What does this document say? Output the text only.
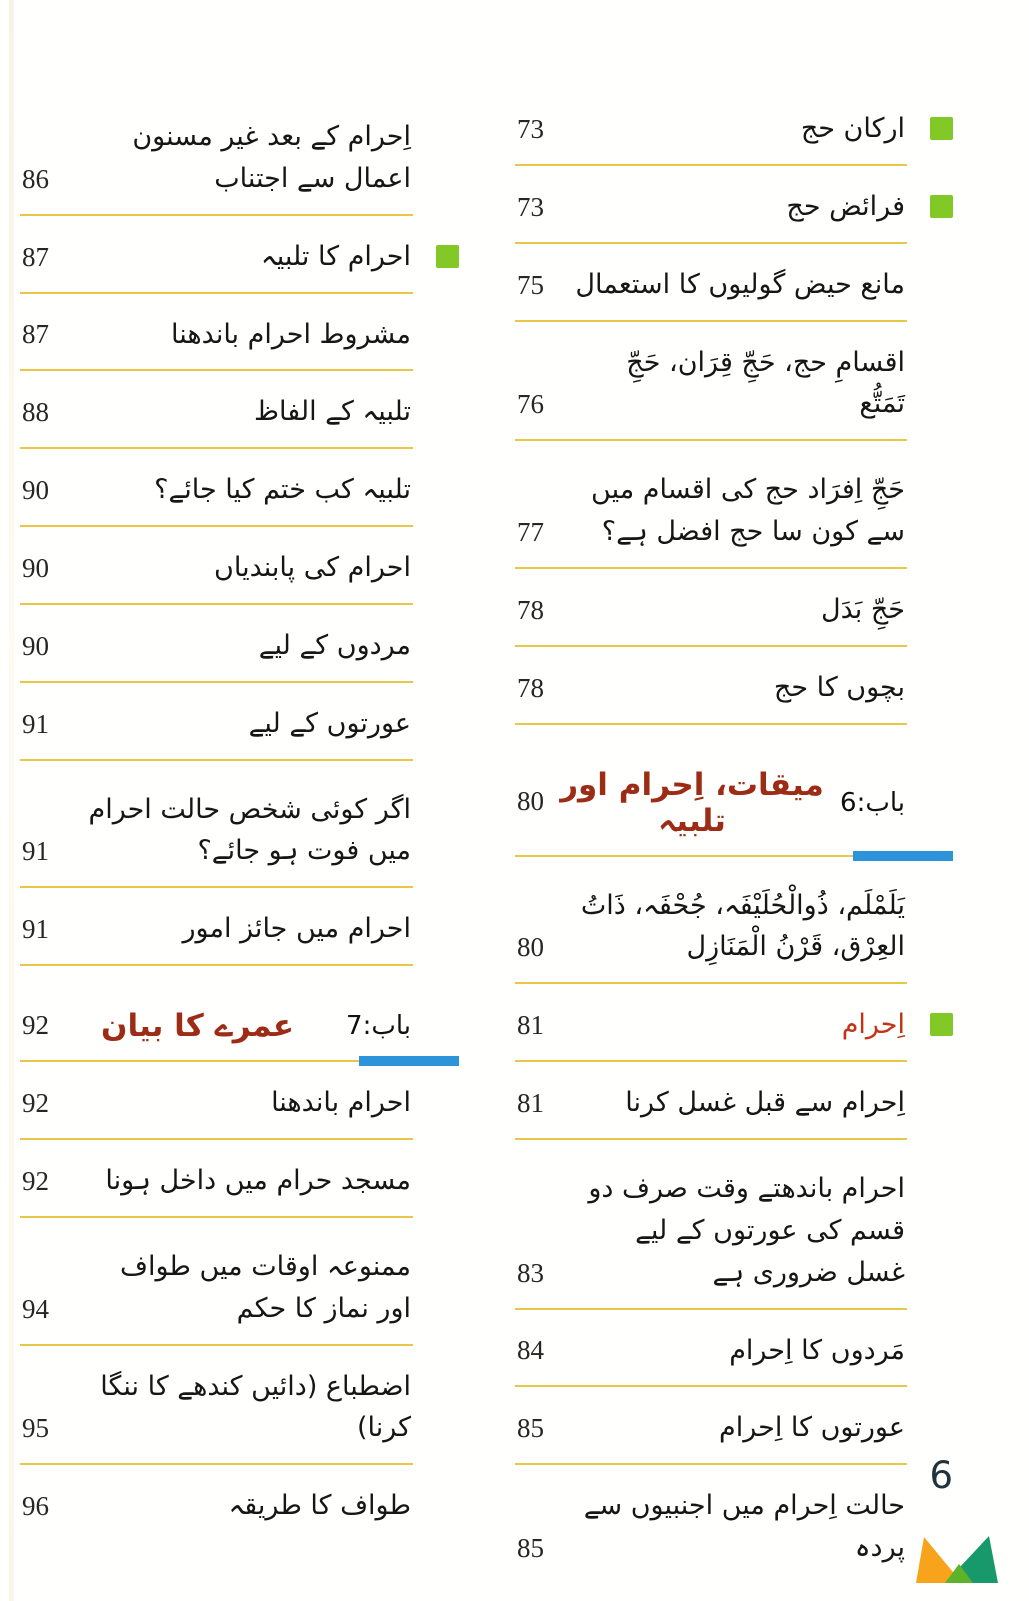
ارکان حج
73
فرائض حج
73
مانع حیض گولیوں کا استعمال
75
اقسامِ حج، حَجِّ قِرَان، حَجِّ تَمَتُّع
76
حَجِّ اِفرَاد حج کی اقسام میں سے کون سا حج افضل ہے؟
77
حَجِّ بَدَل
78
بچوں کا حج
78
باب:6
میقات، اِحرام اور تلبیہ
80
یَلَمْلَم، ذُوالْحُلَیْفَہ، جُحْفَہ، ذَاتُ العِرْق، قَرْنُ الْمَنَازِل
80
اِحرام
81
اِحرام سے قبل غسل کرنا
81
احرام باندھتے وقت صرف دو قسم کی عورتوں کے لیے غسل ضروری ہے
83
مَردوں کا اِحرام
84
عورتوں کا اِحرام
85
حالت اِحرام میں اجنبیوں سے پردہ
85
اِحرام کے بعد غیر مسنون اعمال سے اجتناب
86
احرام کا تلبیہ
87
مشروط احرام باندھنا
87
تلبیہ کے الفاظ
88
تلبیہ کب ختم کیا جائے؟
90
احرام کی پابندیاں
90
مردوں کے لیے
90
عورتوں کے لیے
91
اگر کوئی شخص حالت احرام میں فوت ہو جائے؟
91
احرام میں جائز امور
91
باب:7
عمرے کا بیان
92
احرام باندھنا
92
مسجد حرام میں داخل ہونا
92
ممنوعہ اوقات میں طواف اور نماز کا حکم
94
اضطباع (دائیں کندھے کا ننگا کرنا)
95
طواف کا طریقہ
96
6
